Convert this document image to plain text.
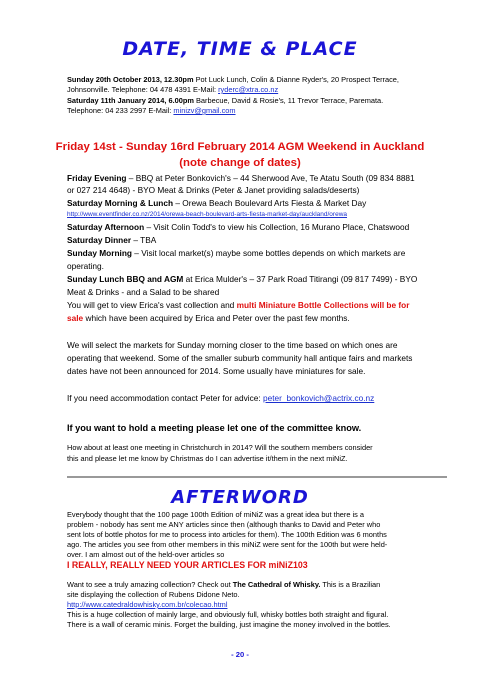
DATE, TIME & PLACE
Sunday 20th October 2013, 12.30pm Pot Luck Lunch, Colin & Dianne Ryder's, 20 Prospect Terrace,
Johnsonville. Telephone: 04 478 4391 E-Mail: ryderc@xtra.co.nz
Saturday 11th January 2014, 6.00pm Barbecue, David & Rosie's, 11 Trevor Terrace, Paremata.
Telephone: 04 233 2997 E-Mail: minizv@gmail.com
Friday 14st - Sunday 16rd February 2014 AGM Weekend in Auckland
(note change of dates)
Friday Evening – BBQ at Peter Bonkovich's – 44 Sherwood Ave, Te Atatu South (09 834 8881
or 027 214 4648) - BYO Meat & Drinks (Peter & Janet providing salads/deserts)
Saturday Morning & Lunch – Orewa Beach Boulevard Arts Fiesta & Market Day
http://www.eventfinder.co.nz/2014/orewa-beach-boulevard-arts-fiesta-market-day/auckland/orewa
Saturday Afternoon – Visit Colin Todd's to view his Collection, 16 Murano Place, Chatswood
Saturday Dinner – TBA
Sunday Morning – Visit local market(s) maybe some bottles depends on which markets are
operating.
Sunday Lunch BBQ and AGM at Erica Mulder's – 37 Park Road Titirangi (09 817 7499) - BYO
Meat & Drinks - and a Salad to be shared
You will get to view Erica's vast collection and multi Miniature Bottle Collections will be for
sale which have been acquired by Erica and Peter over the past few months.
We will select the markets for Sunday morning closer to the time based on which ones are
operating that weekend. Some of the smaller suburb community hall antique fairs and markets
dates have not been announced for 2014. Some usually have miniatures for sale.
If you need accommodation contact Peter for advice: peter_bonkovich@actrix.co.nz
If you want to hold a meeting please let one of the committee know.
How about at least one meeting in Christchurch in 2014? Will the southern members consider
this and please let me know by Christmas do I can advertise it/them in the next miNiZ.
AFTERWORD
Everybody thought that the 100 page 100th Edition of miNiZ was a great idea but there is a
problem - nobody has sent me ANY articles since then (although thanks to David and Peter who
sent lots of bottle photos for me to process into articles for them). The 100th Edition was 6 months
ago. The articles you see from other members in this miNiZ were sent for the 100th but were held-
over. I am almost out of the held-over articles so
I REALLY, REALLY NEED YOUR ARTICLES FOR miNiZ103
Want to see a truly amazing collection? Check out The Cathedral of Whisky. This is a Brazilian
site displaying the collection of Rubens Didone Neto.
http://www.catedraldowhisky.com.br/colecao.html
This is a huge collection of mainly large, and obviously full, whisky bottles both straight and figural.
There is a wall of ceramic minis. Forget the building, just imagine the money involved in the bottles.
- 20 -
